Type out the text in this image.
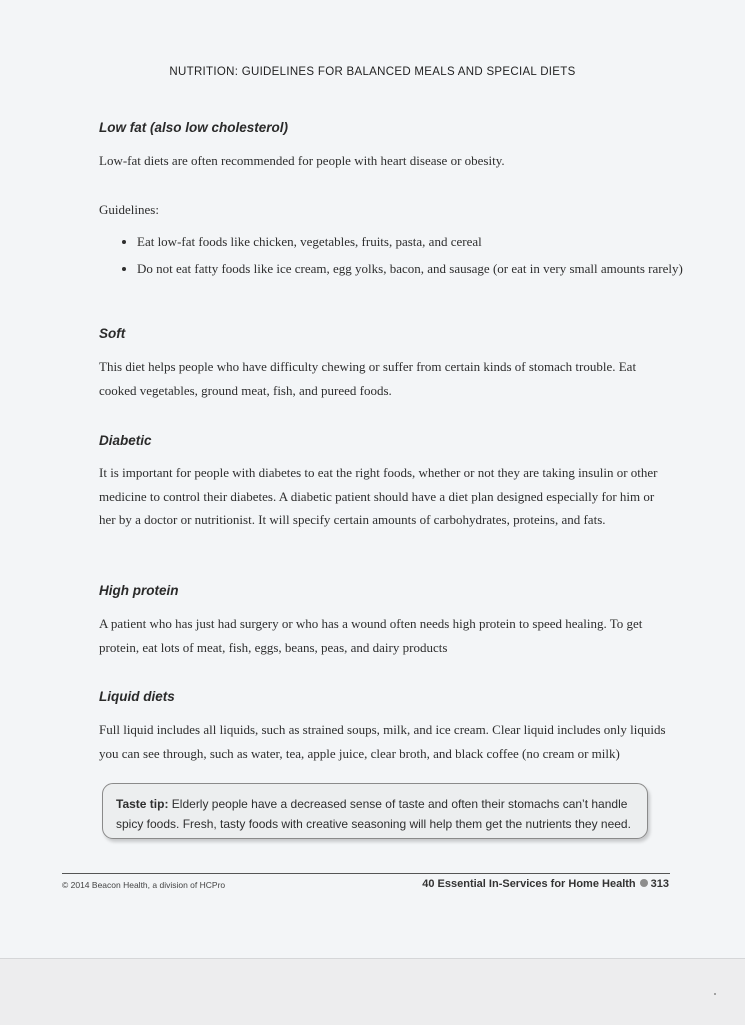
NUTRITION: GUIDELINES FOR BALANCED MEALS AND SPECIAL DIETS
Low fat (also low cholesterol)
Low-fat diets are often recommended for people with heart disease or obesity.
Guidelines:
• Eat low-fat foods like chicken, vegetables, fruits, pasta, and cereal
• Do not eat fatty foods like ice cream, egg yolks, bacon, and sausage (or eat in very small amounts rarely)
Soft
This diet helps people who have difficulty chewing or suffer from certain kinds of stomach trouble. Eat cooked vegetables, ground meat, fish, and pureed foods.
Diabetic
It is important for people with diabetes to eat the right foods, whether or not they are taking insulin or other medicine to control their diabetes. A diabetic patient should have a diet plan designed especially for him or her by a doctor or nutritionist. It will specify certain amounts of carbohydrates, proteins, and fats.
High protein
A patient who has just had surgery or who has a wound often needs high protein to speed healing. To get protein, eat lots of meat, fish, eggs, beans, peas, and dairy products
Liquid diets
Full liquid includes all liquids, such as strained soups, milk, and ice cream. Clear liquid includes only liquids you can see through, such as water, tea, apple juice, clear broth, and black coffee (no cream or milk)
Taste tip: Elderly people have a decreased sense of taste and often their stomachs can’t handle spicy foods. Fresh, tasty foods with creative seasoning will help them get the nutrients they need.
© 2014 Beacon Health, a division of HCPro	40 Essential In-Services for Home Health 313
